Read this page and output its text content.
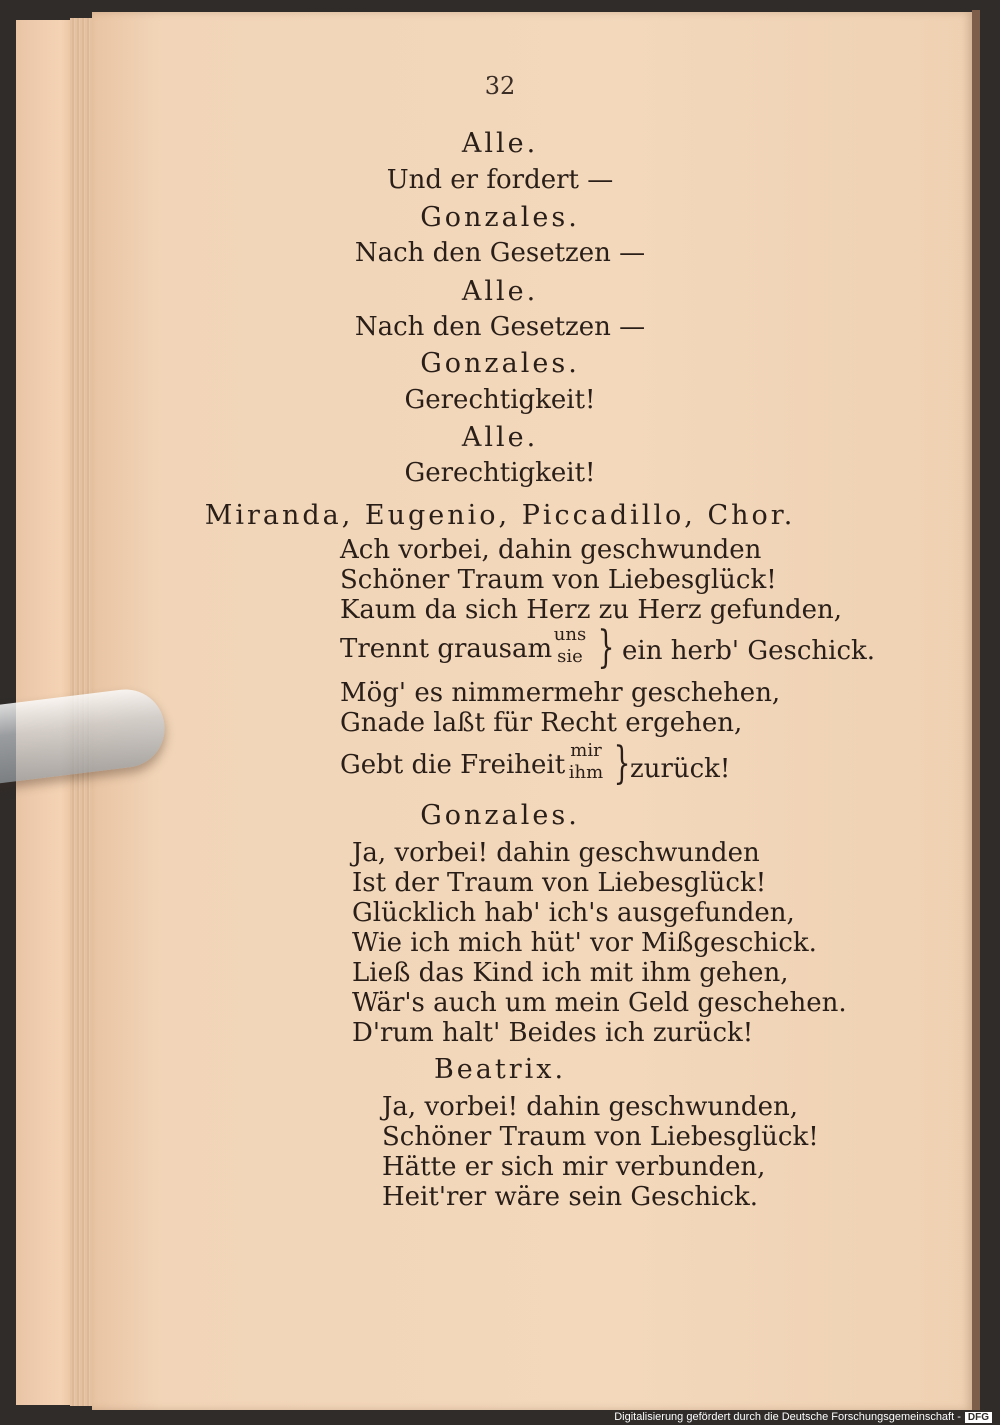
32
Alle.
Und er fordert —
Gonzales.
Nach den Gesetzen —
Alle.
Nach den Gesetzen —
Gonzales.
Gerechtigkeit!
Alle.
Gerechtigkeit!
Miranda, Eugenio, Piccadillo, Chor.
Ach vorbei, dahin geschwunden
Schöner Traum von Liebesglück!
Kaum da sich Herz zu Herz gefunden,
Trennt grausam uns
sie } ein herb' Geschick.
Mög' es nimmermehr geschehen,
Gnade laßt für Recht ergehen,
Gebt die Freiheit mir
ihm } zurück!
Gonzales.
Ja, vorbei! dahin geschwunden
Ist der Traum von Liebesglück!
Glücklich hab' ich's ausgefunden,
Wie ich mich hüt' vor Mißgeschick.
Ließ das Kind ich mit ihm gehen,
Wär's auch um mein Geld geschehen.
D'rum halt' Beides ich zurück!
Beatrix.
Ja, vorbei! dahin geschwunden,
Schöner Traum von Liebesglück!
Hätte er sich mir verbunden,
Heit'rer wäre sein Geschick.
Digitalisierung gefördert durch die Deutsche Forschungsgemeinschaft - DFG
